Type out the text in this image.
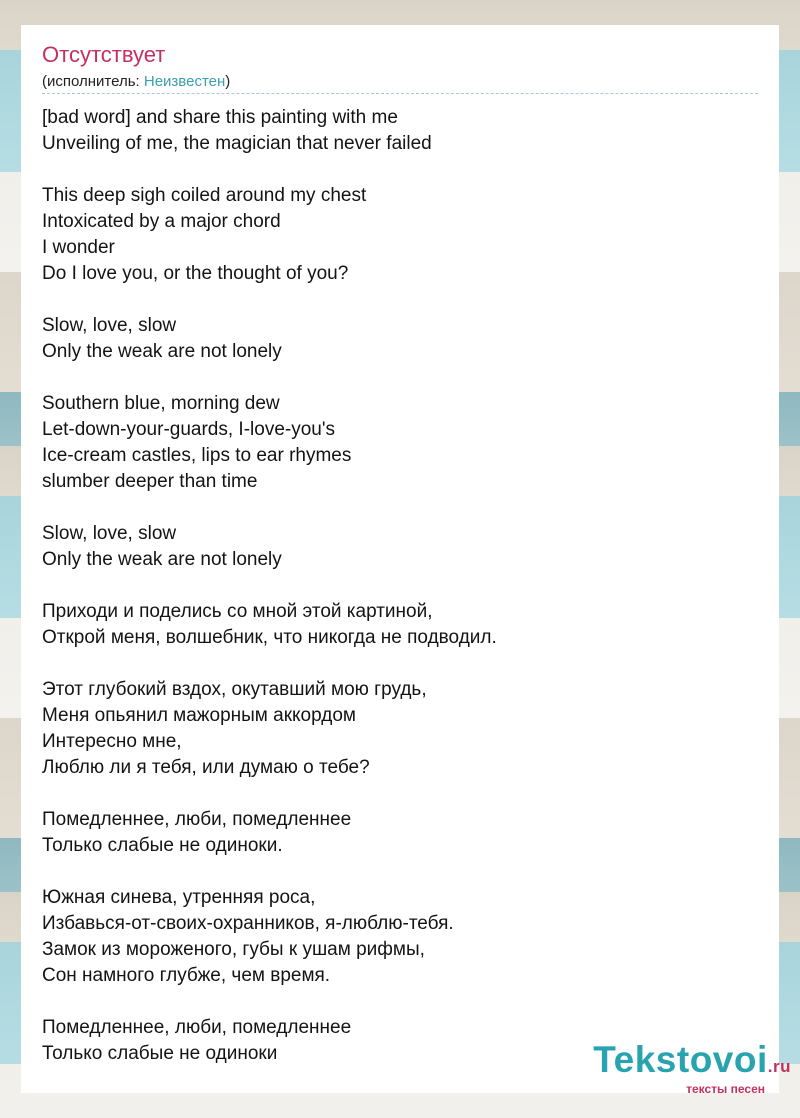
Отсутствует
(исполнитель: Неизвестен)
[bad word] and share this painting with me
Unveiling of me, the magician that never failed
This deep sigh coiled around my chest
Intoxicated by a major chord
I wonder
Do I love you, or the thought of you?
Slow, love, slow
Only the weak are not lonely
Southern blue, morning dew
Let-down-your-guards, I-love-you's
Ice-cream castles, lips to ear rhymes
slumber deeper than time
Slow, love, slow
Only the weak are not lonely
Приходи и поделись со мной этой картиной,
Открой меня, волшебник, что никогда не подводил.
Этот глубокий вздох, окутавший мою грудь,
Меня опьянил мажорным аккордом
Интересно мне,
Люблю ли я тебя, или думаю о тебе?
Помедленнее, люби, помедленнее
Только слабые не одиноки.
Южная синева, утренняя роса,
Избавься-от-своих-охранников, я-люблю-тебя.
Замок из мороженого, губы к ушам рифмы,
Сон намного глубже, чем время.
Помедленнее, люби, помедленнее
Только слабые не одиноки	Tekstovoi.ru
тексты песен
